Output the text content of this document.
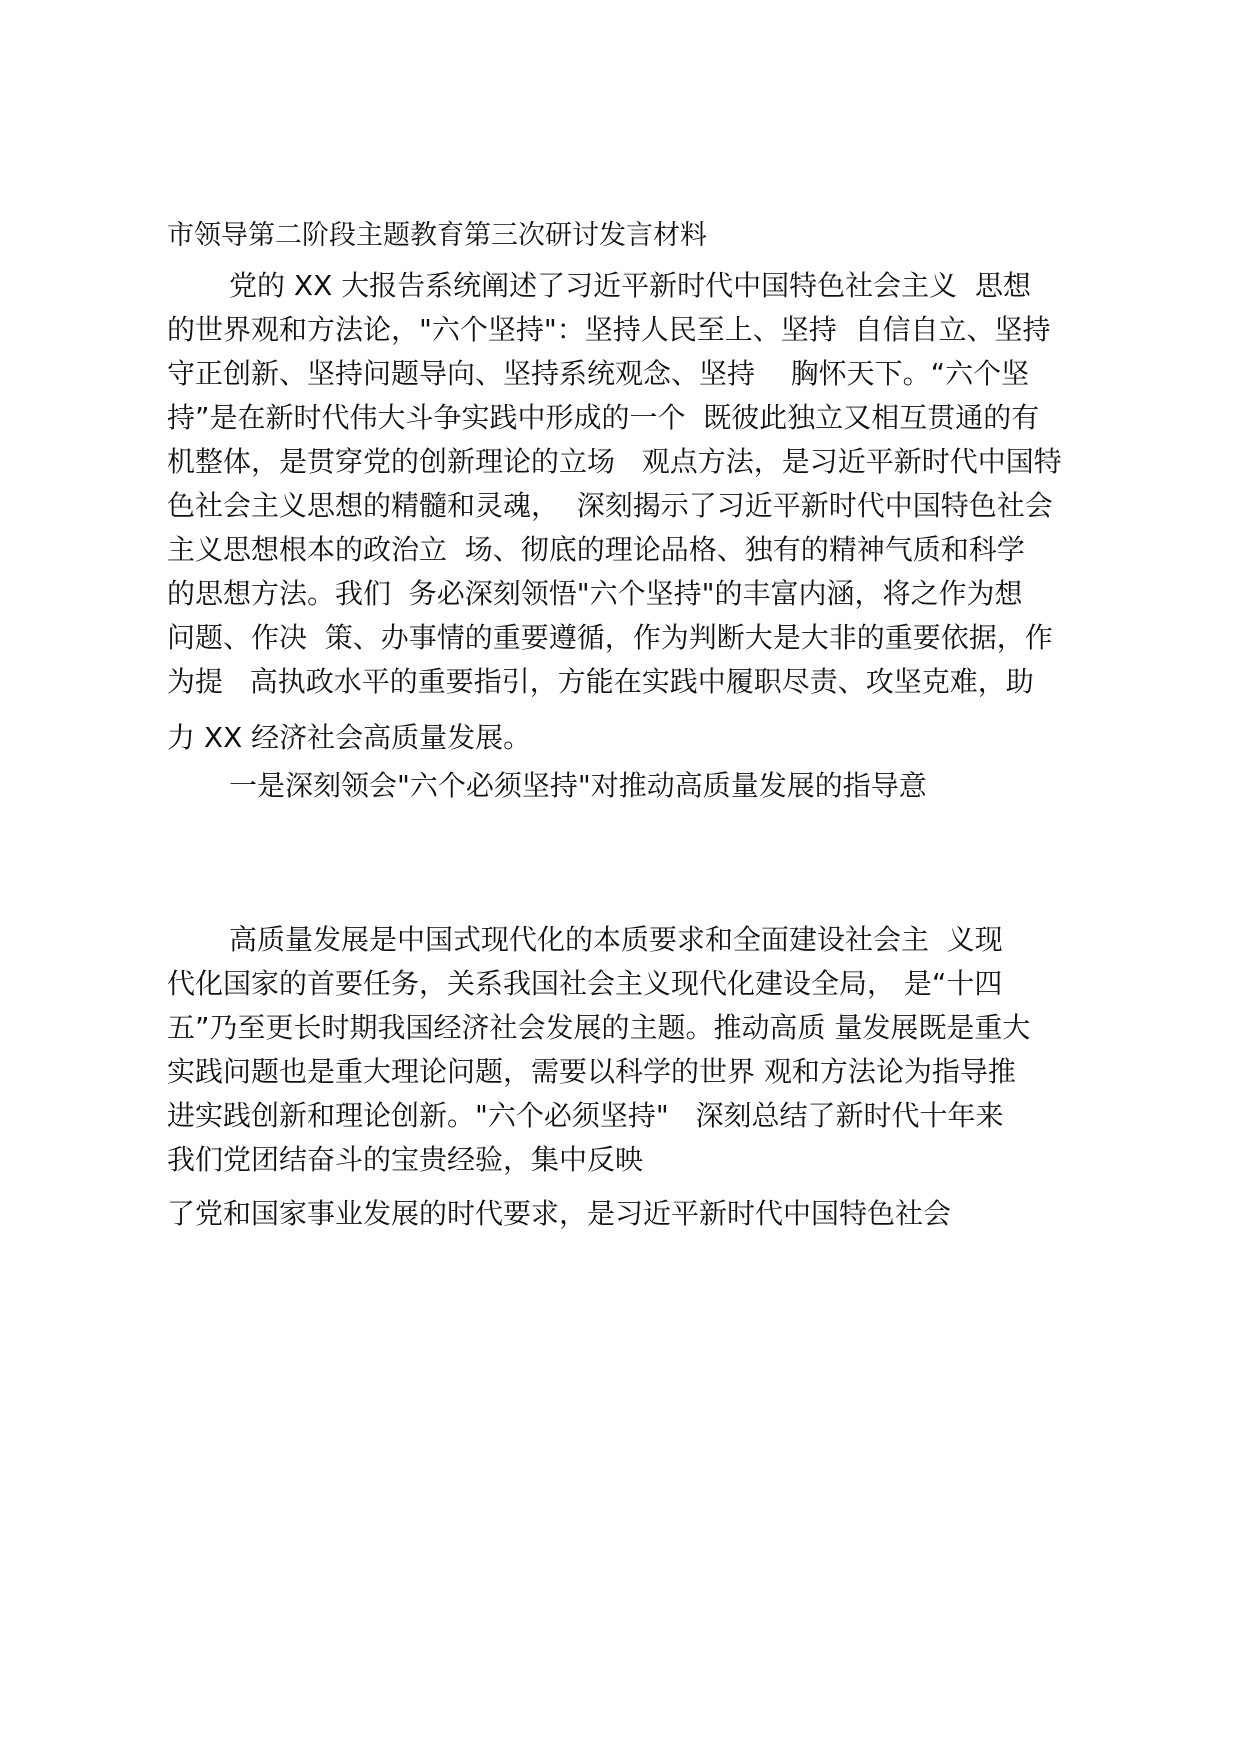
市领导第二阶段主题教育第三次研讨发言材料
党的 XX 大报告系统阐述了习近平新时代中国特色社会主义  思想
的世界观和方法论，"六个坚持"：坚持人民至上、坚持  自信自立、坚持
守正创新、坚持问题导向、坚持系统观念、坚持    胸怀天下。“六个坚
持”是在新时代伟大斗争实践中形成的一个  既彼此独立又相互贯通的有
机整体，是贯穿党的创新理论的立场   观点方法，是习近平新时代中国特
色社会主义思想的精髓和灵魂，  深刻揭示了习近平新时代中国特色社会
主义思想根本的政治立  场、彻底的理论品格、独有的精神气质和科学
的思想方法。我们  务必深刻领悟"六个坚持"的丰富内涵，将之作为想
问题、作决  策、办事情的重要遵循，作为判断大是大非的重要依据，作
为提   高执政水平的重要指引，方能在实践中履职尽责、攻坚克难，助
力 XX 经济社会高质量发展。
一是深刻领会"六个必须坚持"对推动高质量发展的指导意
高质量发展是中国式现代化的本质要求和全面建设社会主  义现
代化国家的首要任务，关系我国社会主义现代化建设全局， 是“十四
五”乃至更长时期我国经济社会发展的主题。推动高质 量发展既是重大
实践问题也是重大理论问题，需要以科学的世界 观和方法论为指导推
进实践创新和理论创新。"六个必须坚持"   深刻总结了新时代十年来
我们党团结奋斗的宝贵经验，集中反映
了党和国家事业发展的时代要求，是习近平新时代中国特色社会
